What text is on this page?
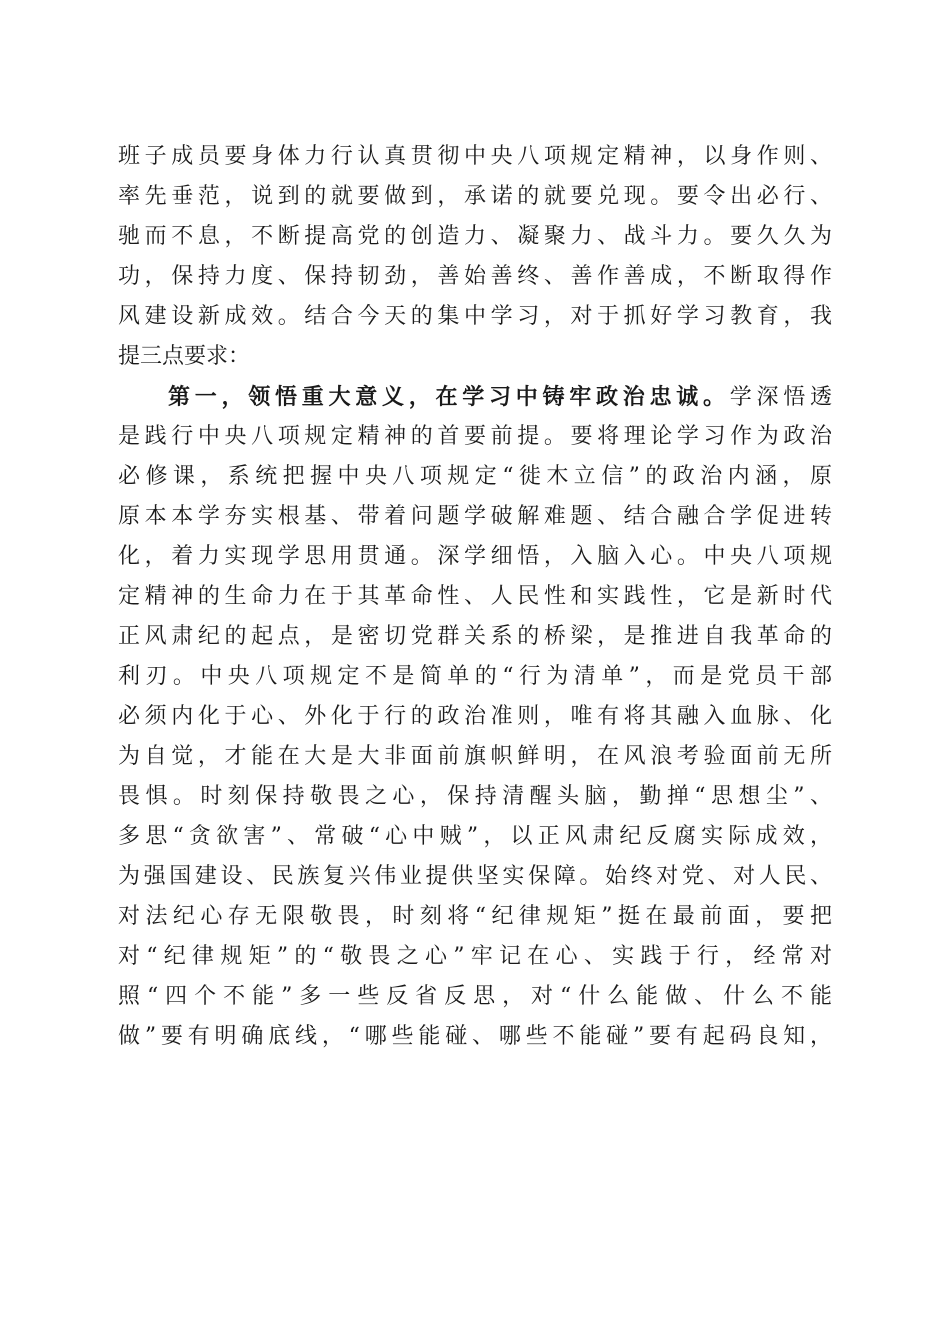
班子成员要身体力行认真贯彻中央八项规定精神，以身作则、
率先垂范，说到的就要做到，承诺的就要兑现。要令出必行、
驰而不息，不断提高党的创造力、凝聚力、战斗力。要久久为
功，保持力度、保持韧劲，善始善终、善作善成，不断取得作
风建设新成效。结合今天的集中学习，对于抓好学习教育，我
提三点要求：
第一，领悟重大意义，在学习中铸牢政治忠诚。学深悟透
是践行中央八项规定精神的首要前提。要将理论学习作为政治
必修课，系统把握中央八项规定“徙木立信”的政治内涵，原
原本本学夯实根基、带着问题学破解难题、结合融合学促进转
化，着力实现学思用贯通。深学细悟，入脑入心。中央八项规
定精神的生命力在于其革命性、人民性和实践性，它是新时代
正风肃纪的起点，是密切党群关系的桥梁，是推进自我革命的
利刃。中央八项规定不是简单的“行为清单”，而是党员干部
必须内化于心、外化于行的政治准则，唯有将其融入血脉、化
为自觉，才能在大是大非面前旗帜鲜明，在风浪考验面前无所
畏惧。时刻保持敬畏之心，保持清醒头脑，勤掸“思想尘”、
多思“贪欲害”、常破“心中贼”，以正风肃纪反腐实际成效，
为强国建设、民族复兴伟业提供坚实保障。始终对党、对人民、
对法纪心存无限敬畏，时刻将“纪律规矩”挺在最前面，要把
对“纪律规矩”的“敬畏之心”牢记在心、实践于行，经常对
照“四个不能”多一些反省反思，对“什么能做、什么不能
做”要有明确底线，“哪些能碰、哪些不能碰”要有起码良知，
